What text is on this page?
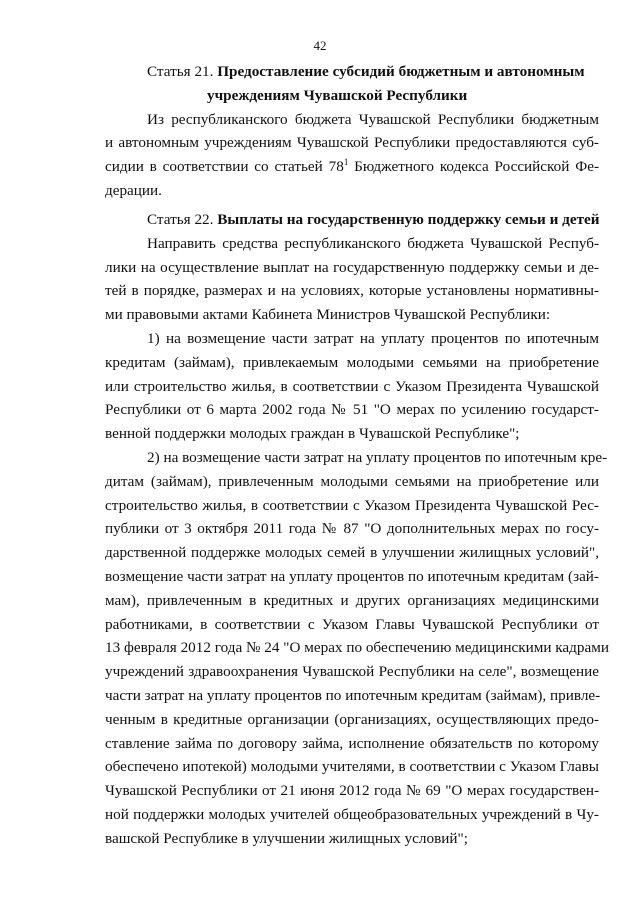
42
Статья 21. Предоставление субсидий бюджетным и автономным
учреждениям Чувашской Республики
Из республиканского бюджета Чувашской Республики бюджетным
и автономным учреждениям Чувашской Республики предоставляются суб-
сидии в соответствии со статьей $78^1$ Бюджетного кодекса Российской Фе-
дерации.
Статья 22. Выплаты на государственную поддержку семьи и детей
Направить средства республиканского бюджета Чувашской Респуб-
лики на осуществление выплат на государственную поддержку семьи и де-
тей в порядке, размерах и на условиях, которые установлены нормативны-
ми правовыми актами Кабинета Министров Чувашской Республики:
1) на возмещение части затрат на уплату процентов по ипотечным
кредитам (займам), привлекаемым молодыми семьями на приобретение
или строительство жилья, в соответствии с Указом Президента Чувашской
Республики от 6 марта 2002 года № 51 "О мерах по усилению государст-
венной поддержки молодых граждан в Чувашской Республике";
2) на возмещение части затрат на уплату процентов по ипотечным кре-
дитам (займам), привлеченным молодыми семьями на приобретение или
строительство жилья, в соответствии с Указом Президента Чувашской Рес-
публики от 3 октября 2011 года № 87 "О дополнительных мерах по госу-
дарственной поддержке молодых семей в улучшении жилищных условий",
возмещение части затрат на уплату процентов по ипотечным кредитам (зай-
мам), привлеченным в кредитных и других организациях медицинскими
работниками, в соответствии с Указом Главы Чувашской Республики от
13 февраля 2012 года № 24 "О мерах по обеспечению медицинскими кадрами
учреждений здравоохранения Чувашской Республики на селе", возмещение
части затрат на уплату процентов по ипотечным кредитам (займам), привле-
ченным в кредитные организации (организациях, осуществляющих предо-
ставление займа по договору займа, исполнение обязательств по которому
обеспечено ипотекой) молодыми учителями, в соответствии с Указом Главы
Чувашской Республики от 21 июня 2012 года № 69 "О мерах государствен-
ной поддержки молодых учителей общеобразовательных учреждений в Чу-
вашской Республике в улучшении жилищных условий";
